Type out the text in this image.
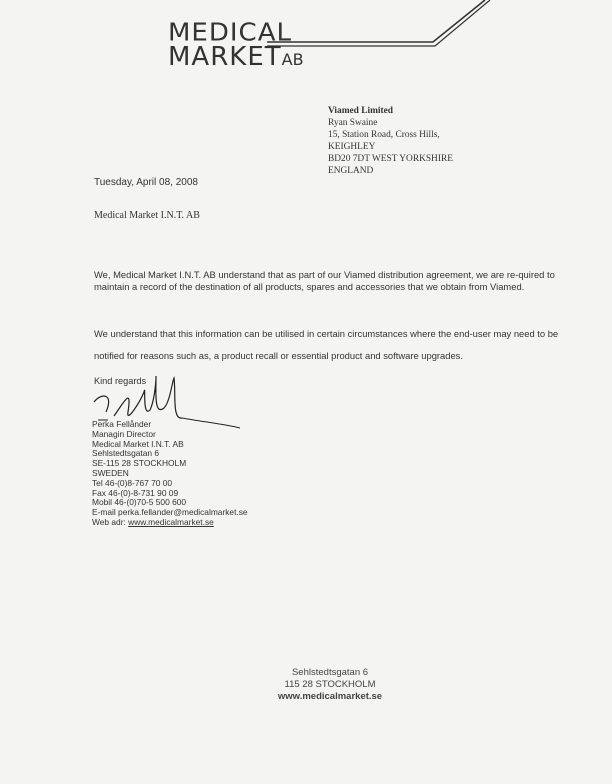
MEDICAL
MARKETAB
Viamed Limited
Ryan Swaine
15, Station Road, Cross Hills,
KEIGHLEY
BD20 7DT WEST YORKSHIRE
ENGLAND
Tuesday, April 08, 2008
Medical Market I.N.T. AB
We, Medical Market I.N.T. AB understand that as part of our Viamed distribution agreement, we are re-quired to maintain a record of the destination of all products, spares and accessories that we obtain from Viamed.
We understand that this information can be utilised in certain circumstances where the end-user may need to be notified for reasons such as, a product recall or essential product and software upgrades.
Kind regards
Perka Fellånder
Managin Director
Medical Market I.N.T. AB
Sehlstedtsgatan 6
SE-115 28 STOCKHOLM
SWEDEN
Tel 46-(0)8-767 70 00
Fax 46-(0)-8-731 90 09
Mobil 46-(0)70-5 500 600
E-mail perka.fellander@medicalmarket.se
Web adr: www.medicalmarket.se
Sehlstedtsgatan 6
115 28 STOCKHOLM
www.medicalmarket.se
